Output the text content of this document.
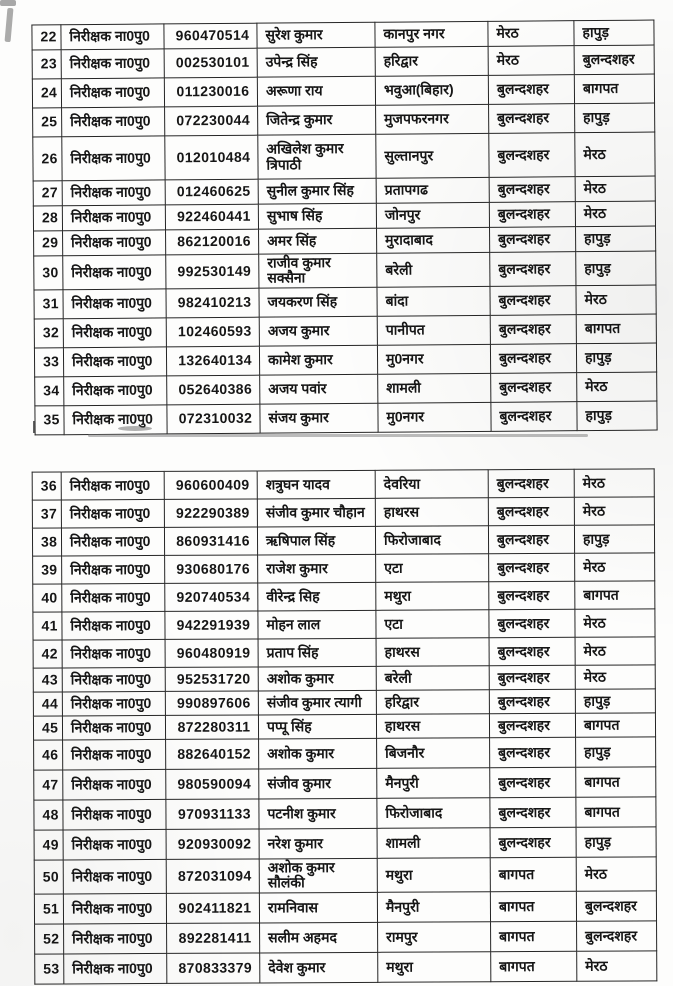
22	निरीक्षक ना0पु0	960470514	सुरेश कुमार	कानपुर नगर	मेरठ	हापुड़
23	निरीक्षक ना0पु0	002530101	उपेन्द्र सिंह	हरिद्वार	मेरठ	बुलन्दशहर
24	निरीक्षक ना0पु0	011230016	अरूणा राय	भवुआ(बिहार)	बुलन्दशहर	बागपत
25	निरीक्षक ना0पु0	072230044	जितेन्द्र कुमार	मुजपफरनगर	बुलन्दशहर	हापुड़
26	निरीक्षक ना0पु0	012010484	अखिलेश कुमार त्रिपाठी	सुल्तानपुर	बुलन्दशहर	मेरठ
27	निरीक्षक ना0पु0	012460625	सुनील कुमार सिंह	प्रतापगढ	बुलन्दशहर	मेरठ
28	निरीक्षक ना0पु0	922460441	सुभाष सिंह	जोनपुर	बुलन्दशहर	मेरठ
29	निरीक्षक ना0पु0	862120016	अमर सिंह	मुरादाबाद	बुलन्दशहर	हापुड़
30	निरीक्षक ना0पु0	992530149	राजीव कुमार सक्सैना	बरेली	बुलन्दशहर	हापुड़
31	निरीक्षक ना0पु0	982410213	जयकरण सिंह	बांदा	बुलन्दशहर	मेरठ
32	निरीक्षक ना0पु0	102460593	अजय कुमार	पानीपत	बुलन्दशहर	बागपत
33	निरीक्षक ना0पु0	132640134	कामेश कुमार	मु0नगर	बुलन्दशहर	हापुड़
34	निरीक्षक ना0पु0	052640386	अजय पवांर	शामली	बुलन्दशहर	मेरठ
35	निरीक्षक ना0पु0	072310032	संजय कुमार	मु0नगर	बुलन्दशहर	हापुड़
36	निरीक्षक ना0पु0	960600409	शत्रुघन यादव	देवरिया	बुलन्दशहर	मेरठ
37	निरीक्षक ना0पु0	922290389	संजीव कुमार चौहान	हाथरस	बुलन्दशहर	मेरठ
38	निरीक्षक ना0पु0	860931416	ऋषिपाल सिंह	फिरोजाबाद	बुलन्दशहर	हापुड़
39	निरीक्षक ना0पु0	930680176	राजेश कुमार	एटा	बुलन्दशहर	मेरठ
40	निरीक्षक ना0पु0	920740534	वीरेन्द्र सिह	मथुरा	बुलन्दशहर	बागपत
41	निरीक्षक ना0पु0	942291939	मोहन लाल	एटा	बुलन्दशहर	मेरठ
42	निरीक्षक ना0पु0	960480919	प्रताप सिंह	हाथरस	बुलन्दशहर	मेरठ
43	निरीक्षक ना0पु0	952531720	अशोक कुमार	बरेली	बुलन्दशहर	मेरठ
44	निरीक्षक ना0पु0	990897606	संजीव कुमार त्यागी	हरिद्वार	बुलन्दशहर	हापुड़
45	निरीक्षक ना0पु0	872280311	पप्पू सिंह	हाथरस	बुलन्दशहर	बागपत
46	निरीक्षक ना0पु0	882640152	अशोक कुमार	बिजनौर	बुलन्दशहर	हापुड़
47	निरीक्षक ना0पु0	980590094	संजीव कुमार	मैनपुरी	बुलन्दशहर	बागपत
48	निरीक्षक ना0पु0	970931133	पटनीश कुमार	फिरोजाबाद	बुलन्दशहर	बागपत
49	निरीक्षक ना0पु0	920930092	नरेश कुमार	शामली	बुलन्दशहर	हापुड़
50	निरीक्षक ना0पु0	872031094	अशोक कुमार सौलंकी	मथुरा	बागपत	मेरठ
51	निरीक्षक ना0पु0	902411821	रामनिवास	मैनपुरी	बागपत	बुलन्दशहर
52	निरीक्षक ना0पु0	892281411	सलीम अहमद	रामपुर	बागपत	बुलन्दशहर
53	निरीक्षक ना0पु0	870833379	देवेश कुमार	मथुरा	बागपत	मेरठ
